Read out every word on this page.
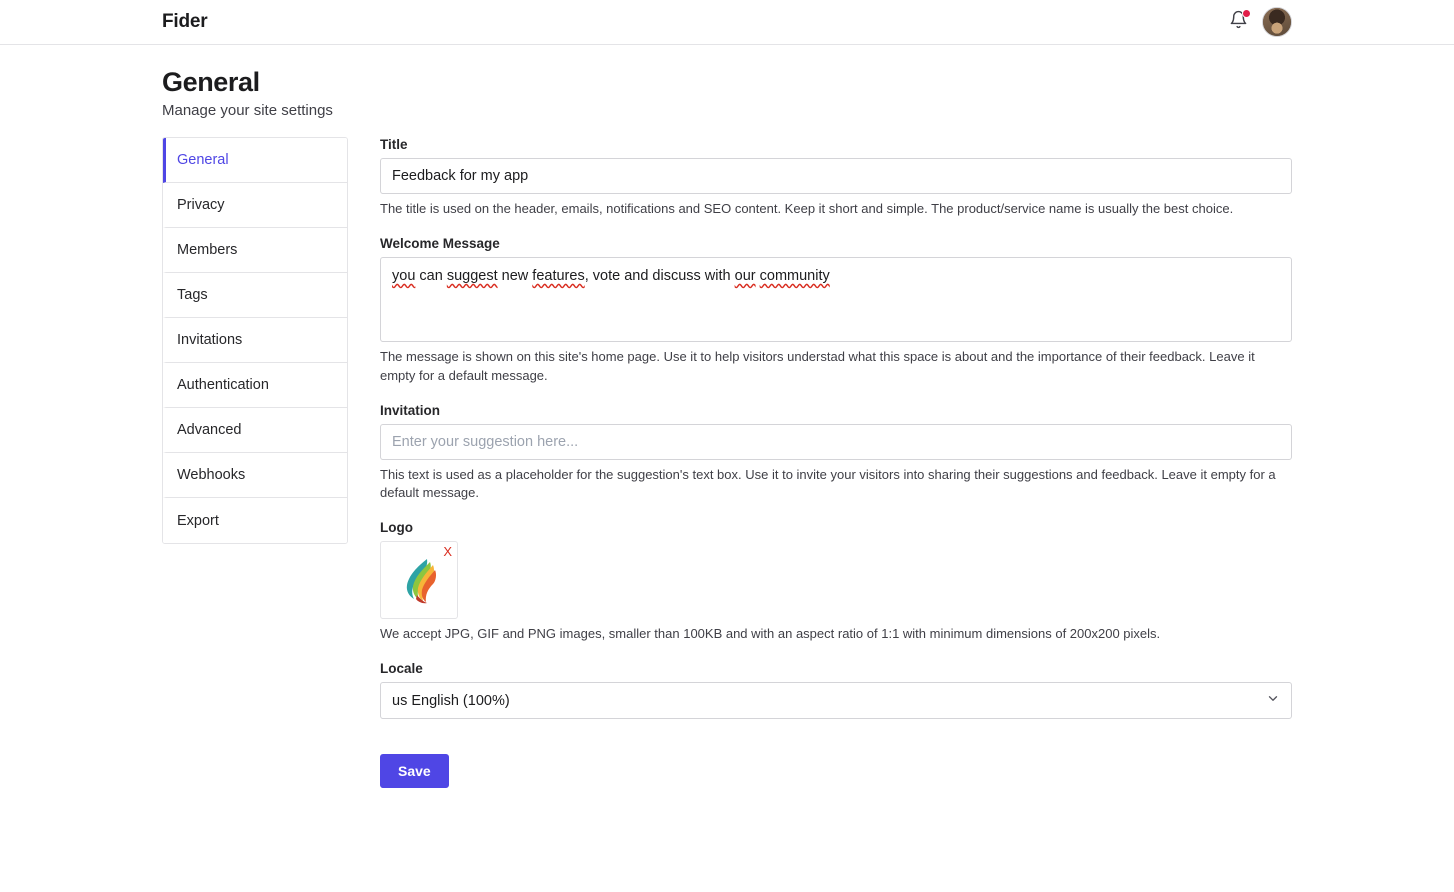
Fider
General

Manage your site settings

General
Privacy
Members
Tags
Invitations
Authentication
Advanced
Webhooks
Export
Title
Feedback for my app
The title is used on the header, emails, notifications and SEO content. Keep it short and simple. The product/service name is usually the best choice.
Welcome Message
you can suggest new features, vote and discuss with our community
The message is shown on this site's home page. Use it to help visitors understad what this space is about and the importance of their feedback. Leave it empty for a default message.
Invitation
Enter your suggestion here...
This text is used as a placeholder for the suggestion's text box. Use it to invite your visitors into sharing their suggestions and feedback. Leave it empty for a default message.
Logo
X
We accept JPG, GIF and PNG images, smaller than 100KB and with an aspect ratio of 1:1 with minimum dimensions of 200x200 pixels.
Locale
us English (100%)
Save
